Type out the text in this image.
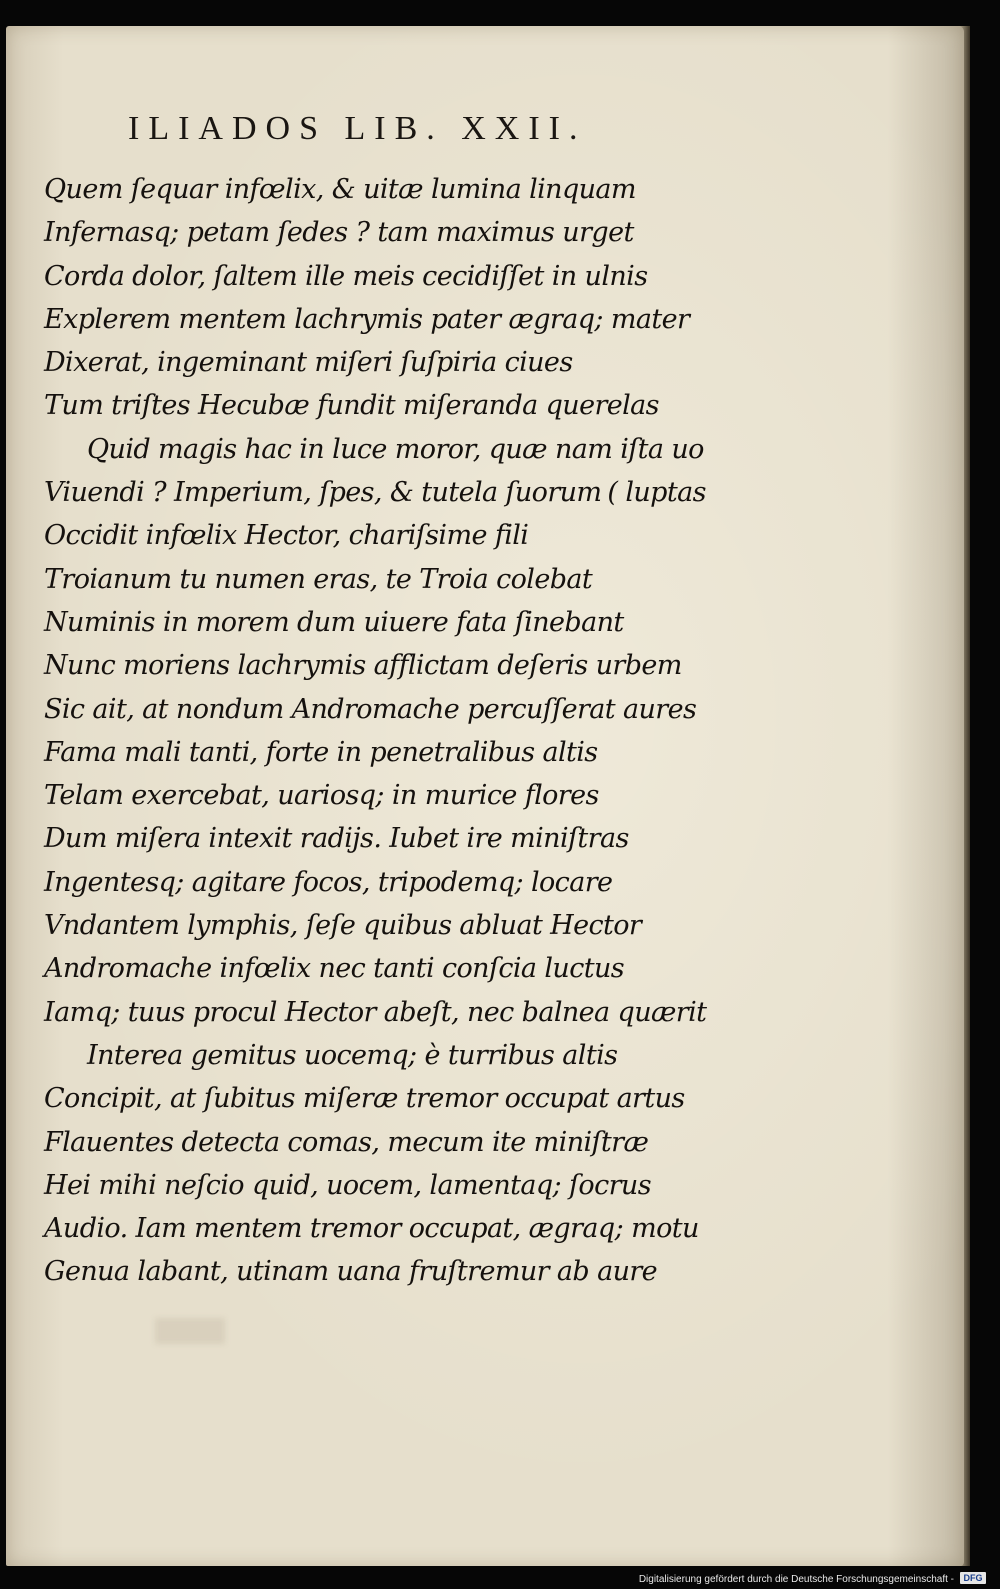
ILIADOS LIB. XXII.
Quem ſequar infœlix, & uitæ lumina linquam
Infernasq; petam ſedes ? tam maximus urget
Corda dolor, ſaltem ille meis cecidiſſet in ulnis
Explerem mentem lachrymis pater ægraq; mater
Dixerat, ingeminant miſeri ſuſpiria ciues
Tum triſtes Hecubæ fundit miſeranda querelas
Quid magis hac in luce moror, quæ nam iſta uo
Viuendi ? Imperium, ſpes, & tutela ſuorum ( luptas
Occidit infœlix Hector, chariſsime fili
Troianum tu numen eras, te Troia colebat
Numinis in morem dum uiuere fata ſinebant
Nunc moriens lachrymis afflictam deſeris urbem
Sic ait, at nondum Andromache percuſſerat aures
Fama mali tanti, forte in penetralibus altis
Telam exercebat, uariosq; in murice flores
Dum miſera intexit radijs. Iubet ire miniſtras
Ingentesq; agitare focos, tripodemq; locare
Vndantem lymphis, ſeſe quibus abluat Hector
Andromache infœlix nec tanti conſcia luctus
Iamq; tuus procul Hector abeſt, nec balnea quærit
Interea gemitus uocemq; è turribus altis
Concipit, at ſubitus miſeræ tremor occupat artus
Flauentes detecta comas, mecum ite miniſtræ
Hei mihi neſcio quid, uocem, lamentaq; ſocrus
Audio. Iam mentem tremor occupat, ægraq; motu
Genua labant, utinam uana fruſtremur ab aure
Digitalisierung gefördert durch die Deutsche Forschungsgemeinschaft -	DFG
